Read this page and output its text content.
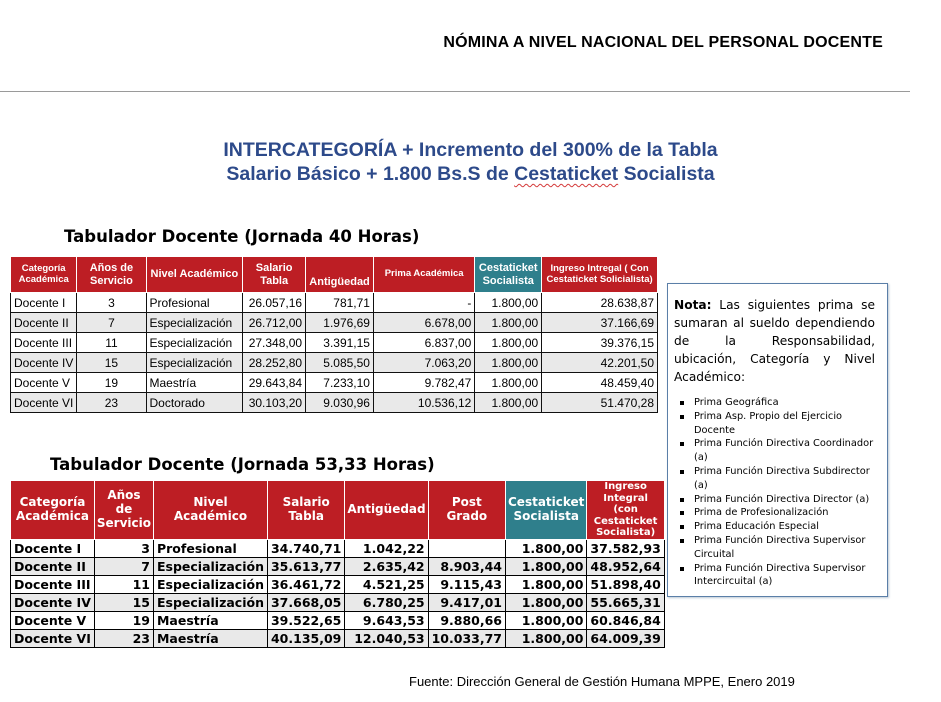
NÓMINA A NIVEL NACIONAL DEL PERSONAL DOCENTE
INTERCATEGORÍA + Incremento del 300% de la Tabla
Salario Básico + 1.800 Bs.S de Cestaticket Socialista
Tabulador Docente (Jornada 40 Horas)
Categoría Académica	Años de Servicio	Nivel Académico	Salario Tabla	Antigüedad	Prima Académica	Cestaticket Socialista	Ingreso Intregal ( Con Cestaticket Solicialista)
Docente I	3	Profesional	26.057,16	781,71	-	1.800,00	28.638,87
Docente II	7	Especialización	26.712,00	1.976,69	6.678,00	1.800,00	37.166,69
Docente III	11	Especialización	27.348,00	3.391,15	6.837,00	1.800,00	39.376,15
Docente IV	15	Especialización	28.252,80	5.085,50	7.063,20	1.800,00	42.201,50
Docente V	19	Maestría	29.643,84	7.233,10	9.782,47	1.800,00	48.459,40
Docente VI	23	Doctorado	30.103,20	9.030,96	10.536,12	1.800,00	51.470,28
Tabulador Docente (Jornada 53,33 Horas)
Categoría Académica	Años de Servicio	Nivel Académico	Salario Tabla	Antigüedad	Post Grado	Cestaticket Socialista	Ingreso Integral (con Cestaticket Socialista)
Docente I	3	Profesional	34.740,71	1.042,22		1.800,00	37.582,93
Docente II	7	Especialización	35.613,77	2.635,42	8.903,44	1.800,00	48.952,64
Docente III	11	Especialización	36.461,72	4.521,25	9.115,43	1.800,00	51.898,40
Docente IV	15	Especialización	37.668,05	6.780,25	9.417,01	1.800,00	55.665,31
Docente V	19	Maestría	39.522,65	9.643,53	9.880,66	1.800,00	60.846,84
Docente VI	23	Maestría	40.135,09	12.040,53	10.033,77	1.800,00	64.009,39
Nota: Las siguientes prima se sumaran al sueldo dependiendo de la Responsabilidad, ubicación, Categoría y Nivel Académico:
Prima Geográfica
Prima Asp. Propio del Ejercicio Docente
Prima Función Directiva Coordinador (a)
Prima Función Directiva Subdirector (a)
Prima Función Directiva Director (a)
Prima de Profesionalización
Prima Educación Especial
Prima Función Directiva Supervisor Circuital
Prima Función Directiva Supervisor Intercircuital (a)
Fuente: Dirección General de Gestión Humana MPPE, Enero 2019
